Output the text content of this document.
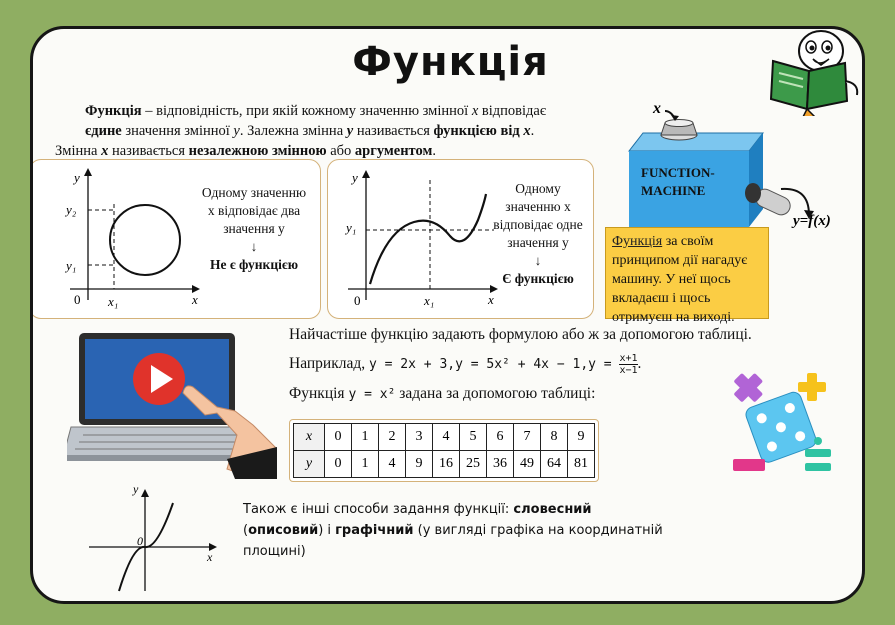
Функція
Функція – відповідність, при якій кожному значенню змінної x відповідає
єдине значення змінної y. Залежна змінна y називається функцією від x.
Змінна x називається незалежною змінною або аргументом.
y
x
0
y₂
y₁
x₁
Одному значенню
x відповідає два
значення y
↓
Не є функцією
y
x
0
y₁
x₁
Одному
значенню x
відповідає одне
значення y
↓
Є функцією
x
FUNCTION-
MACHINE
y=f(x)
Функція за своїм принципом дії нагадує машину. У неї щось вкладаєш і щось отримуєш на виході.
Найчастіше функцію задають формулою або ж за допомогою таблиці.
Наприклад, $y = 2x + 3,y = 5x^2 + 4x - 1,y = \frac{x+1}{x-1}$ .
Функція y = x² задана за допомогою таблиці:
x	0	1	2	3	4	5	6	7	8	9
y	0	1	4	9	16	25	36	49	64	81
y
x
0
Також є інші способи задання функції: словесний (описовий) і графічний (у вигляді графіка на координатній площині)
